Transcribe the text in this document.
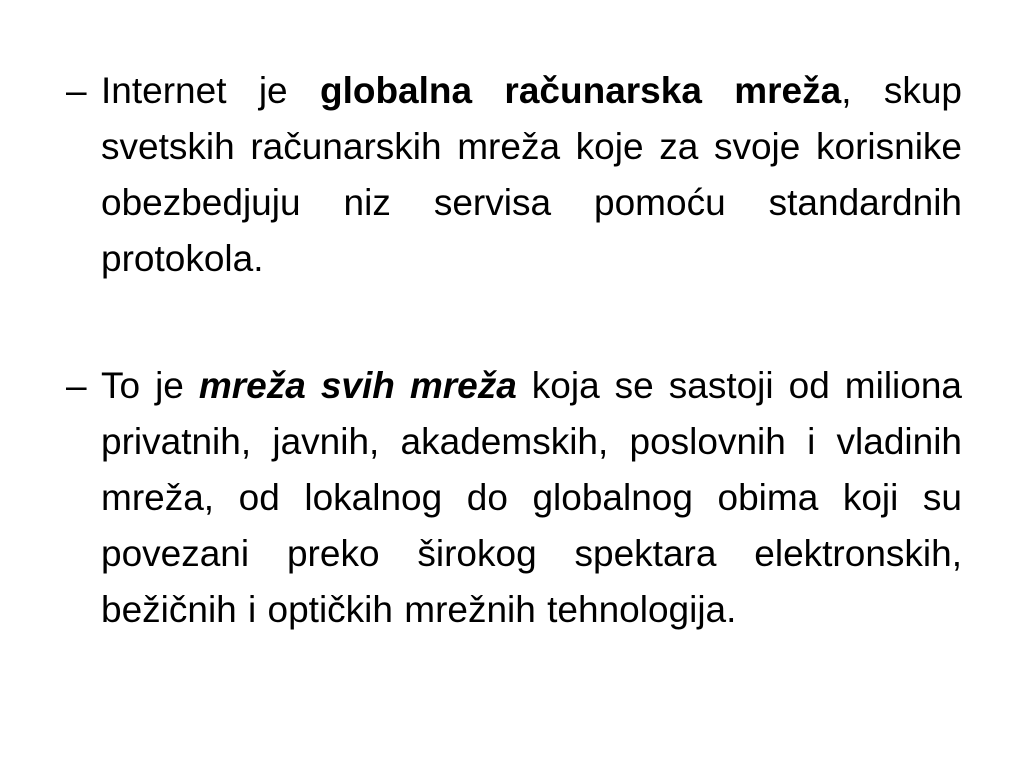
– Internet je globalna računarska mreža, skup svetskih računarskih mreža koje za svoje korisnike obezbedjuju niz servisa pomoću standardnih protokola.

– To je mreža svih mreža koja se sastoji od miliona privatnih, javnih, akademskih, poslovnih i vladinih mreža, od lokalnog do globalnog obima koji su povezani preko širokog spektara elektronskih, bežičnih i optičkih mrežnih tehnologija.
